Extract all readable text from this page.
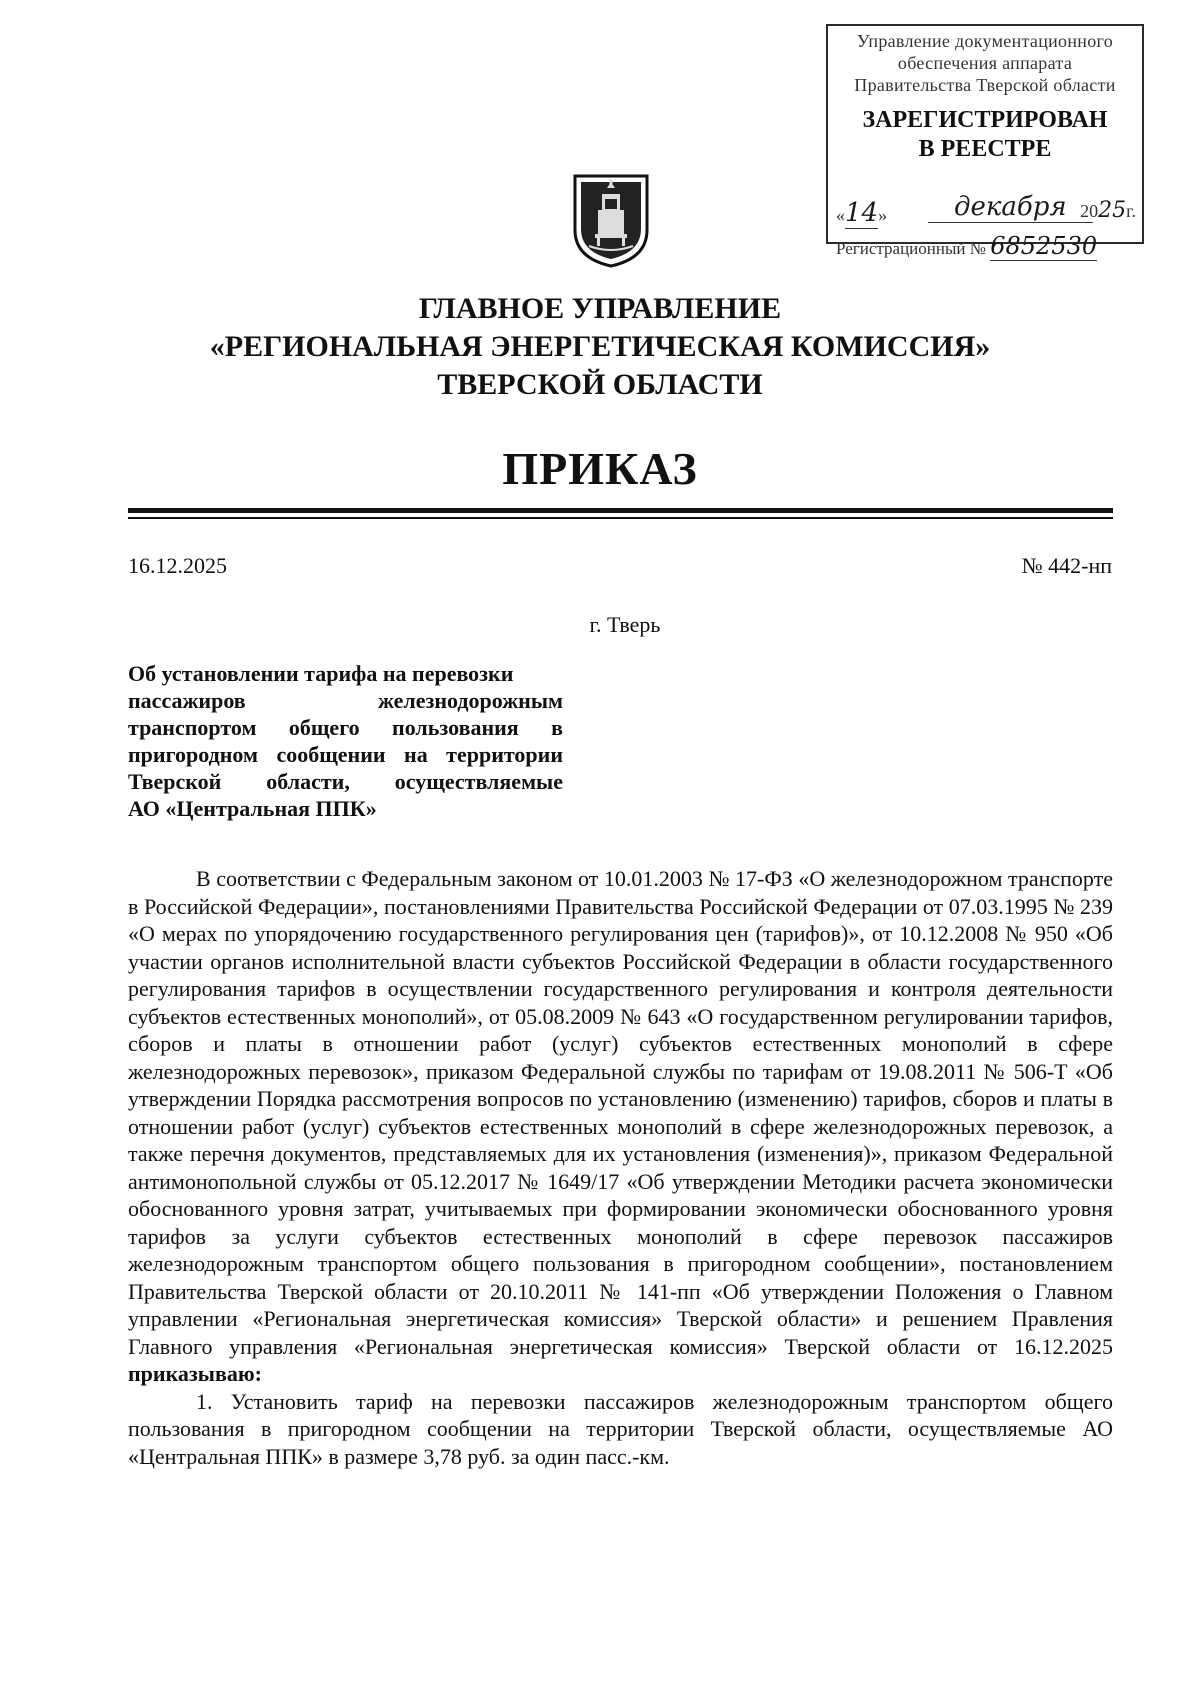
Управление документационного
обеспечения аппарата
Правительства Тверской области
ЗАРЕГИСТРИРОВАН
В РЕЕСТРЕ
«14»	декабря 2025г.
Регистрационный № 6852530
ГЛАВНОЕ УПРАВЛЕНИЕ
«РЕГИОНАЛЬНАЯ ЭНЕРГЕТИЧЕСКАЯ КОМИССИЯ»
ТВЕРСКОЙ ОБЛАСТИ
ПРИКАЗ
16.12.2025	№ 442-нп
г. Тверь
Об установлении тарифа на перевозки
пассажиров железнодорожным
транспортом общего пользования в
пригородном сообщении на территории
Тверской области, осуществляемые
АО «Центральная ППК»

В соответствии с Федеральным законом от 10.01.2003 № 17-ФЗ «О железнодорожном транспорте в Российской Федерации», постановлениями Правительства Российской Федерации от 07.03.1995 № 239 «О мерах по упорядочению государственного регулирования цен (тарифов)», от 10.12.2008 № 950 «Об участии органов исполнительной власти субъектов Российской Федерации в области государственного регулирования тарифов в осуществлении государственного регулирования и контроля деятельности субъектов естественных монополий», от 05.08.2009 № 643 «О государственном регулировании тарифов, сборов и платы в отношении работ (услуг) субъектов естественных монополий в сфере железнодорожных перевозок», приказом Федеральной службы по тарифам от 19.08.2011 № 506-Т «Об утверждении Порядка рассмотрения вопросов по установлению (изменению) тарифов, сборов и платы в отношении работ (услуг) субъектов естественных монополий в сфере железнодорожных перевозок, а также перечня документов, представляемых для их установления (изменения)», приказом Федеральной антимонопольной службы от 05.12.2017 № 1649/17 «Об утверждении Методики расчета экономически обоснованного уровня затрат, учитываемых при формировании экономически обоснованного уровня тарифов за услуги субъектов естественных монополий в сфере перевозок пассажиров железнодорожным транспортом общего пользования в пригородном сообщении», постановлением Правительства Тверской области от 20.10.2011 № 141-пп «Об утверждении Положения о Главном управлении «Региональная энергетическая комиссия» Тверской области» и решением Правления Главного управления «Региональная энергетическая комиссия» Тверской области от 16.12.2025

приказываю:

1. Установить тариф на перевозки пассажиров железнодорожным транспортом общего пользования в пригородном сообщении на территории Тверской области, осуществляемые АО «Центральная ППК» в размере 3,78 руб. за один пасс.-км.
